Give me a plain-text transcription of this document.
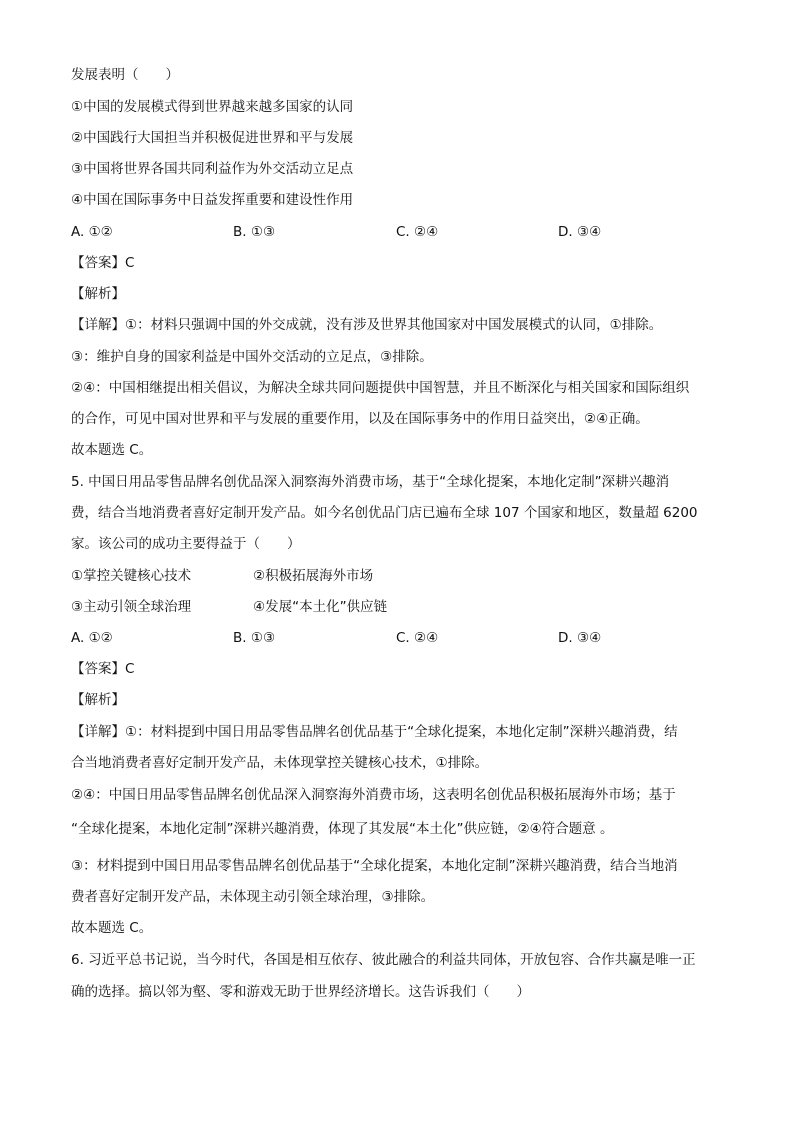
发展表明（　　）
①中国的发展模式得到世界越来越多国家的认同
②中国践行大国担当并积极促进世界和平与发展
③中国将世界各国共同利益作为外交活动立足点
④中国在国际事务中日益发挥重要和建设性作用
A. ①②	B. ①③	C. ②④	D. ③④
【答案】C
【解析】
【详解】①：材料只强调中国的外交成就，没有涉及世界其他国家对中国发展模式的认同，①排除。
③：维护自身的国家利益是中国外交活动的立足点，③排除。
②④：中国相继提出相关倡议，为解决全球共同问题提供中国智慧，并且不断深化与相关国家和国际组织
的合作，可见中国对世界和平与发展的重要作用，以及在国际事务中的作用日益突出，②④正确。
故本题选 C。
5. 中国日用品零售品牌名创优品深入洞察海外消费市场，基于“全球化提案，本地化定制”深耕兴趣消
费，结合当地消费者喜好定制开发产品。如今名创优品门店已遍布全球 107 个国家和地区，数量超 6200
家。该公司的成功主要得益于（　　）
①掌控关键核心技术	②积极拓展海外市场
③主动引领全球治理	④发展“本土化”供应链
A. ①②	B. ①③	C. ②④	D. ③④
【答案】C
【解析】
【详解】①：材料提到中国日用品零售品牌名创优品基于“全球化提案，本地化定制”深耕兴趣消费，结
合当地消费者喜好定制开发产品，未体现掌控关键核心技术，①排除。
②④：中国日用品零售品牌名创优品深入洞察海外消费市场，这表明名创优品积极拓展海外市场；基于
“全球化提案，本地化定制”深耕兴趣消费，体现了其发展“本土化”供应链，②④符合题意 。
③：材料提到中国日用品零售品牌名创优品基于“全球化提案，本地化定制”深耕兴趣消费，结合当地消
费者喜好定制开发产品，未体现主动引领全球治理，③排除。
故本题选 C。
6. 习近平总书记说，当今时代，各国是相互依存、彼此融合的利益共同体，开放包容、合作共赢是唯一正
确的选择。搞以邻为壑、零和游戏无助于世界经济增长。这告诉我们（　　）
